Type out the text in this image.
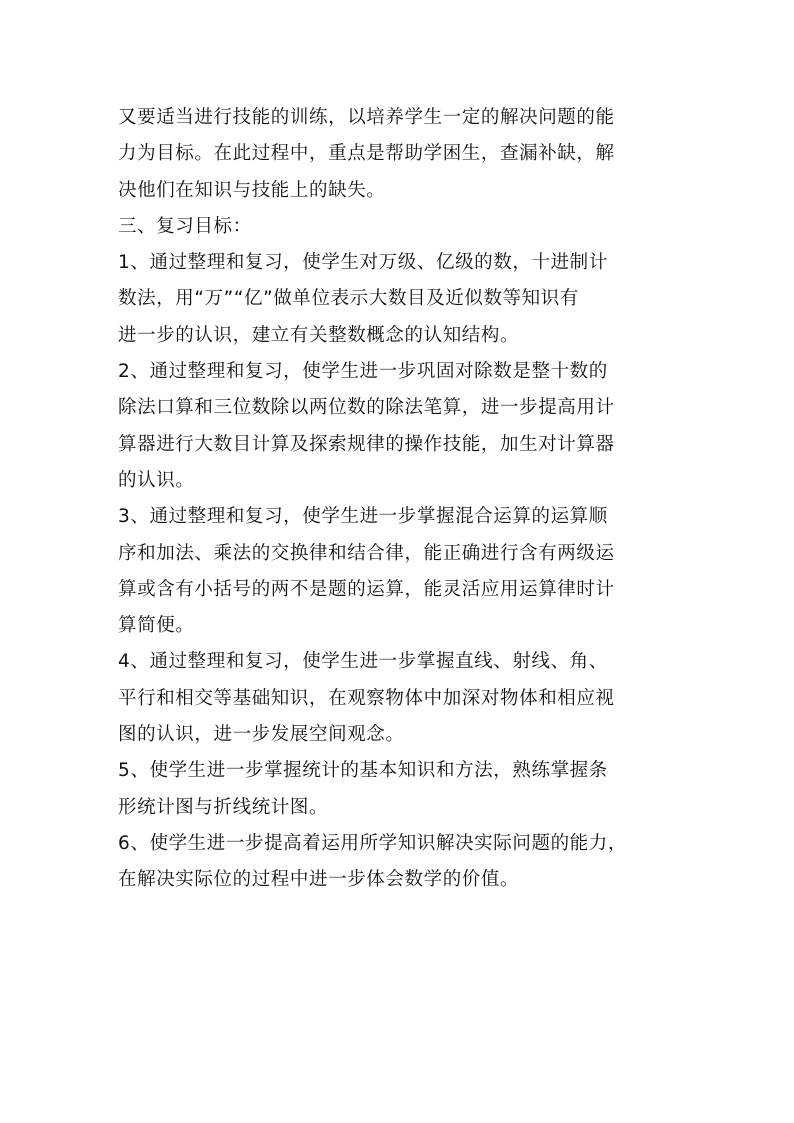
又要适当进行技能的训练，以培养学生一定的解决问题的能
力为目标。在此过程中，重点是帮助学困生，查漏补缺，解
决他们在知识与技能上的缺失。
三、复习目标：
1、通过整理和复习，使学生对万级、亿级的数，十进制计
数法，用“万”“亿”做单位表示大数目及近似数等知识有
进一步的认识，建立有关整数概念的认知结构。
2、通过整理和复习，使学生进一步巩固对除数是整十数的
除法口算和三位数除以两位数的除法笔算，进一步提高用计
算器进行大数目计算及探索规律的操作技能，加生对计算器
的认识。
3、通过整理和复习，使学生进一步掌握混合运算的运算顺
序和加法、乘法的交换律和结合律，能正确进行含有两级运
算或含有小括号的两不是题的运算，能灵活应用运算律时计
算简便。
4、通过整理和复习，使学生进一步掌握直线、射线、角、
平行和相交等基础知识，在观察物体中加深对物体和相应视
图的认识，进一步发展空间观念。
5、使学生进一步掌握统计的基本知识和方法，熟练掌握条
形统计图与折线统计图。
6、使学生进一步提高着运用所学知识解决实际问题的能力，
在解决实际位的过程中进一步体会数学的价值。
